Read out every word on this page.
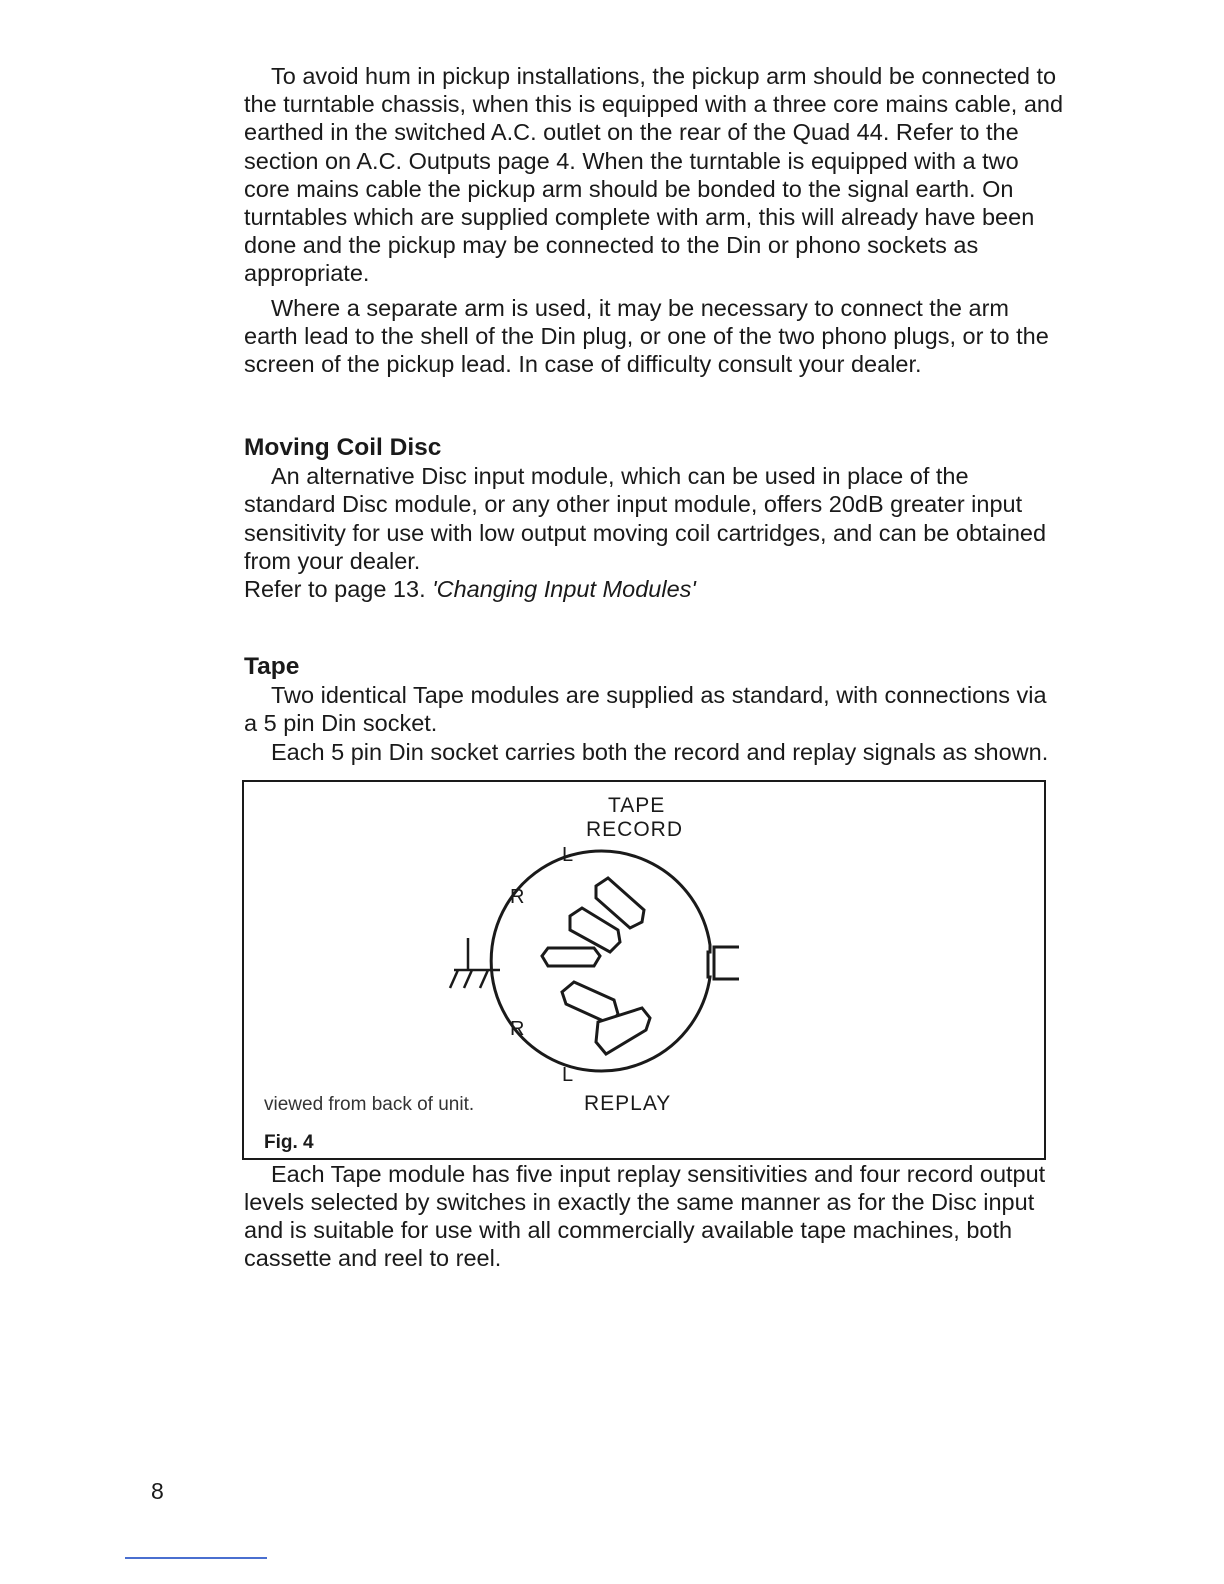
To avoid hum in pickup installations, the pickup arm should be connected to the turntable chassis, when this is equipped with a three core mains cable, and earthed in the switched A.C. outlet on the rear of the Quad 44. Refer to the section on A.C. Outputs page 4. When the turntable is equipped with a two core mains cable the pickup arm should be bonded to the signal earth. On turntables which are supplied complete with arm, this will already have been done and the pickup may be connected to the Din or phono sockets as appropriate.

Where a separate arm is used, it may be necessary to connect the arm earth lead to the shell of the Din plug, or one of the two phono plugs, or to the screen of the pickup lead. In case of difficulty consult your dealer.

Moving Coil Disc

An alternative Disc input module, which can be used in place of the standard Disc module, or any other input module, offers 20dB greater input sensitivity for use with low output moving coil cartridges, and can be obtained from your dealer.

Refer to page 13. 'Changing Input Modules'

Tape

Two identical Tape modules are supplied as standard, with connections via a 5 pin Din socket.

Each 5 pin Din socket carries both the record and replay signals as shown.

TAPE
RECORD
L
R
R
L
viewed from back of unit.	REPLAY
Fig. 4

Each Tape module has five input replay sensitivities and four record output levels selected by switches in exactly the same manner as for the Disc input and is suitable for use with all commercially available tape machines, both cassette and reel to reel.

8
